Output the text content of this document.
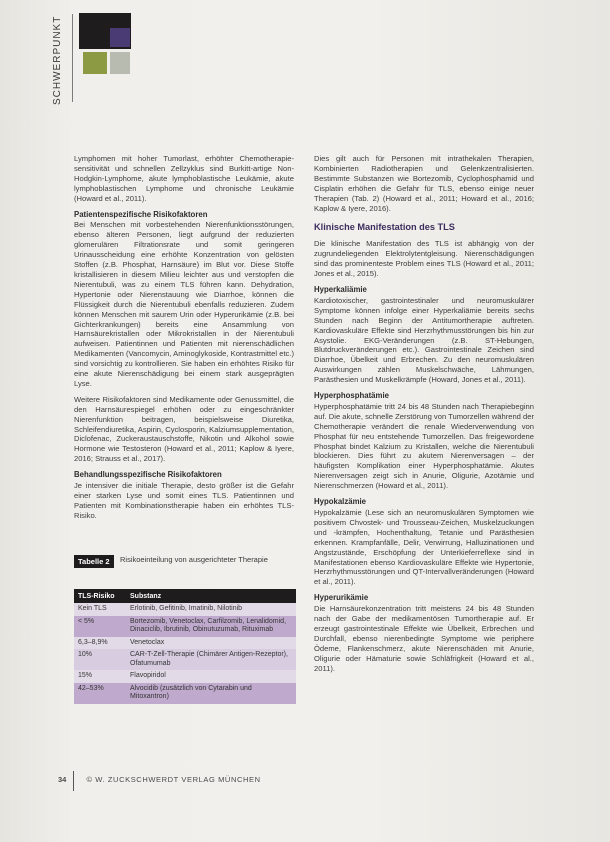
SCHWERPUNKT

Lymphomen mit hoher Tumorlast, erhöhter Chemotherapie-sensitivität und schnellen Zellzyklus sind Burkitt-artige Non-Hodgkin-Lymphome, akute lymphoblastische Leukämie, akute lymphoblastischen Lymphome und chronische Leukämie (Howard et al., 2011).

Patientenspezifische Risikofaktoren

Bei Menschen mit vorbestehenden Nierenfunktionsstörungen, ebenso älteren Personen, liegt aufgrund der reduzierten glomerulären Filtrationsrate und somit geringeren Urinausscheidung eine erhöhte Konzentration von gelösten Stoffen (z.B. Phosphat, Harnsäure) im Blut vor. Diese Stoffe kristallisieren in diesem Milieu leichter aus und verstopfen die Nierentubuli, was zu einem TLS führen kann. Dehydration, Hypertonie oder Nierenstauung wie Diarrhoe, können die Flüssigkeit durch die Nierentubuli ebenfalls reduzieren. Zudem können Menschen mit saurem Urin oder Hyperurikämie (z.B. bei Gichterkrankungen) bereits eine Ansammlung von Harnsäurekristallen oder Mikrokristallen in der Nierentubuli aufweisen. Patientinnen und Patienten mit nierenschädlichen Medikamenten (Vancomycin, Aminoglykoside, Kontrastmittel etc.) sind vorsichtig zu kontrollieren. Sie haben ein erhöhtes Risiko für eine akute Nierenschädigung bei einem stark ausgeprägten Lyse.

Weitere Risikofaktoren sind Medikamente oder Genussmittel, die den Harnsäurespiegel erhöhen oder zu eingeschränkter Nierenfunktion beitragen, beispielsweise Diuretika, Schleifendiuretika, Aspirin, Cyclosporin, Kalziumsupplementation, Diclofenac, Zuckeraustauschstoffe, Nikotin und Alkohol sowie Hormone wie Testosteron (Howard et al., 2011; Kaplow & Iyere, 2016; Strauss et al., 2017).

Behandlungsspezifische Risikofaktoren

Je intensiver die initiale Therapie, desto größer ist die Gefahr einer starken Lyse und somit eines TLS. Patientinnen und Patienten mit Kombinationstherapie haben ein erhöhtes TLS-Risiko.

Tabelle 2	Risikoeinteilung von ausgerichteter Therapie
TLS-Risiko	Substanz
Kein TLS	Erlotinib, Gefitinib, Imatinib, Nilotinib
< 5%	Bortezomib, Venetoclax, Carfilzomib, Lenalidomid, Dinaciclib, Ibrutinib, Obinutuzumab, Rituximab
6,3–8,9%	Venetoclax
10%	CAR-T-Zell-Therapie (Chimärer Antigen-Rezeptor), Ofatumumab
15%	Flavopiridol
42–53%	Alvocidib (zusätzlich von Cytarabin und Mitoxantron)

Dies gilt auch für Personen mit intrathekalen Therapien, Kombinierten Radiotherapien und Gelenkzentralisierten. Bestimmte Substanzen wie Bortezomib, Cyclophosphamid und Cisplatin erhöhen die Gefahr für TLS, ebenso einige neuer Therapien (Tab. 2) (Howard et al., 2011; Howard et al., 2016; Kaplow & Iyere, 2016).

Klinische Manifestation des TLS

Die klinische Manifestation des TLS ist abhängig von der zugrundeliegenden Elektrolytentgleisung. Nierenschädigungen sind das prominenteste Problem eines TLS (Howard et al., 2011; Jones et al., 2015).

Hyperkaliämie

Kardiotoxischer, gastrointestinaler und neuromuskulärer Symptome können infolge einer Hyperkaliämie bereits sechs Stunden nach Beginn der Antitumortherapie auftreten. Kardiovaskuläre Effekte sind Herzrhythmusstörungen bis hin zur Asystolie. EKG-Veränderungen (z.B. ST-Hebungen, Blutdruckveränderungen etc.). Gastrointestinale Zeichen sind Diarrhoe, Übelkeit und Erbrechen. Zu den neuromuskulären Auswirkungen zählen Muskelschwäche, Lähmungen, Parästhesien und Muskelkrämpfe (Howard, Jones et al., 2011).

Hyperphosphatämie

Hyperphosphatämie tritt 24 bis 48 Stunden nach Therapiebeginn auf. Die akute, schnelle Zerstörung von Tumorzellen während der Chemotherapie verändert die renale Wiederverwendung von Phosphat für neu entstehende Tumorzellen. Das freigewordene Phosphat bindet Kalzium zu Kristallen, welche die Nierentubuli blockieren. Dies führt zu akutem Nierenversagen – der häufigsten Komplikation einer Hyperphosphatämie. Akutes Nierenversagen zeigt sich in Anurie, Oligurie, Azotämie und Nierenschmerzen (Howard et al., 2011).

Hypokalzämie

Hypokalzämie (Lese sich an neuromuskulären Symptomen wie positivem Chvostek- und Trousseau-Zeichen, Muskelzuckungen und -krämpfen, Hochenthaltung, Tetanie und Parästhesien erkennen. Krampfanfälle, Delir, Verwirrung, Halluzinationen und Angstzustände, Erschöpfung der Unterkieferreflexe sind in Manifestationen ebenso Kardiovaskuläre Effekte wie Hypertonie, Herzrhythmusstörungen und QT-Intervallveränderungen (Howard et al., 2011).

Hyperurikämie

Die Harnsäurekonzentration tritt meistens 24 bis 48 Stunden nach der Gabe der medikamentösen Tumortherapie auf. Er erzeugt gastrointestinale Effekte wie Übelkeit, Erbrechen und Durchfall, ebenso nierenbedingte Symptome wie periphere Ödeme, Flankenschmerz, akute Nierenschäden mit Anurie, Oligurie oder Hämaturie sowie Schläfrigkeit (Howard et al., 2011).

34	© W. ZUCKSCHWERDT VERLAG MÜNCHEN
